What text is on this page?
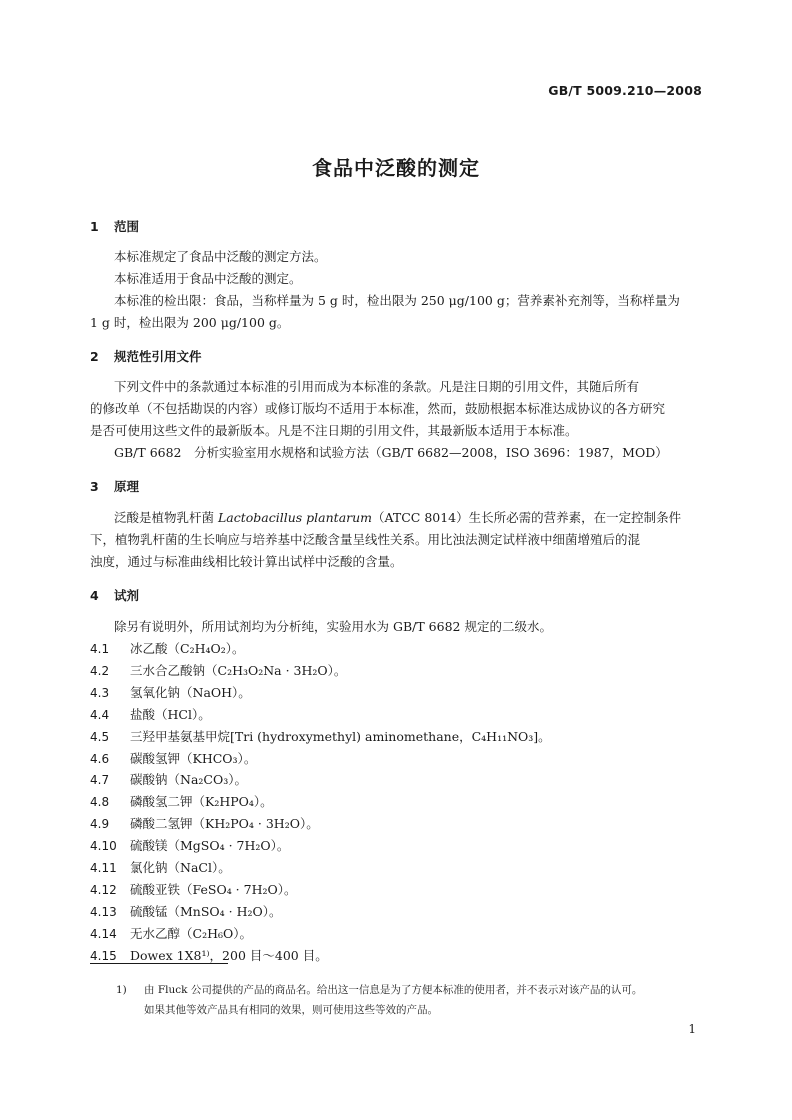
GB/T 5009.210—2008
食品中泛酸的测定
1 范围
本标准规定了食品中泛酸的测定方法。
本标准适用于食品中泛酸的测定。
本标准的检出限：食品，当称样量为 5 g 时，检出限为 250 μg/100 g；营养素补充剂等，当称样量为
1 g 时，检出限为 200 μg/100 g。
2 规范性引用文件
下列文件中的条款通过本标准的引用而成为本标准的条款。凡是注日期的引用文件，其随后所有
的修改单（不包括勘误的内容）或修订版均不适用于本标准，然而，鼓励根据本标准达成协议的各方研究
是否可使用这些文件的最新版本。凡是不注日期的引用文件，其最新版本适用于本标准。
GB/T 6682　分析实验室用水规格和试验方法（GB/T 6682—2008，ISO 3696：1987，MOD）
3 原理
泛酸是植物乳杆菌 Lactobacillus plantarum（ATCC 8014）生长所必需的营养素，在一定控制条件
下，植物乳杆菌的生长响应与培养基中泛酸含量呈线性关系。用比浊法测定试样液中细菌增殖后的混
浊度，通过与标准曲线相比较计算出试样中泛酸的含量。
4 试剂
除另有说明外，所用试剂均为分析纯，实验用水为 GB/T 6682 规定的二级水。
4.1 冰乙酸（C₂H₄O₂）。
4.2 三水合乙酸钠（C₂H₃O₂Na · 3H₂O）。
4.3 氢氧化钠（NaOH）。
4.4 盐酸（HCl）。
4.5 三羟甲基氨基甲烷[Tri (hydroxymethyl) aminomethane，C₄H₁₁NO₃]。
4.6 碳酸氢钾（KHCO₃）。
4.7 碳酸钠（Na₂CO₃）。
4.8 磷酸氢二钾（K₂HPO₄）。
4.9 磷酸二氢钾（KH₂PO₄ · 3H₂O）。
4.10 硫酸镁（MgSO₄ · 7H₂O）。
4.11 氯化钠（NaCl）。
4.12 硫酸亚铁（FeSO₄ · 7H₂O）。
4.13 硫酸锰（MnSO₄ · H₂O）。
4.14 无水乙醇（C₂H₆O）。
4.15 Dowex 1X8¹⁾，200 目～400 目。
1) 由 Fluck 公司提供的产品的商品名。给出这一信息是为了方便本标准的使用者，并不表示对该产品的认可。
如果其他等效产品具有相同的效果，则可使用这些等效的产品。
1
